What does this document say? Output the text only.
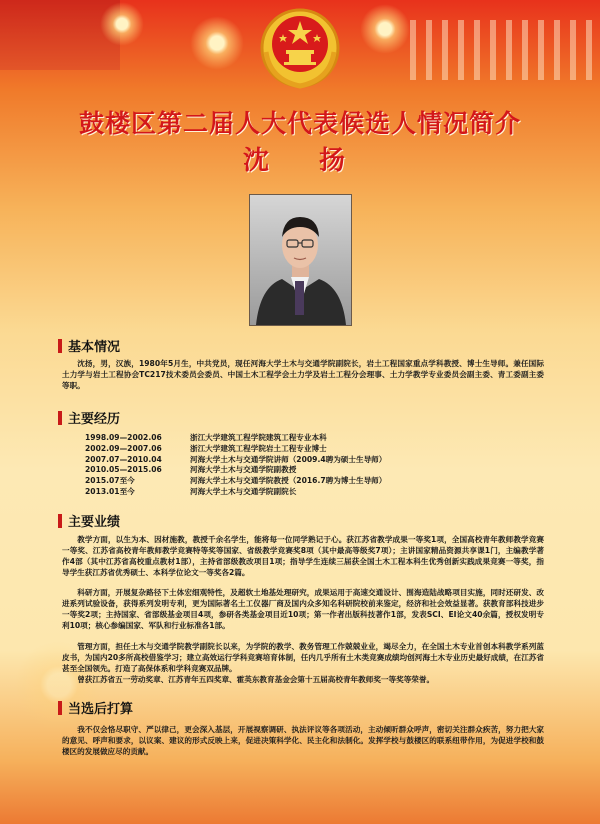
鼓楼区第二届人大代表候选人情况简介
沈　扬
基本情况

沈扬，男，汉族，1980年5月生，中共党员，现任河海大学土木与交通学院副院长，岩土工程国家重点学科教授、博士生导师。兼任国际土力学与岩土工程协会TC217技术委员会委员、中国土木工程学会土力学及岩土工程分会理事、土力学教学专业委员会副主委、青工委副主委等职。

主要经历
1998.09—2002.06	浙江大学建筑工程学院建筑工程专业本科
2002.09—2007.06	浙江大学建筑工程学院岩土工程专业博士
2007.07—2010.04	河海大学土木与交通学院讲师（2009.4聘为硕士生导师）
2010.05—2015.06	河海大学土木与交通学院副教授
2015.07至今	河海大学土木与交通学院教授（2016.7聘为博士生导师）
2013.01至今	河海大学土木与交通学院副院长
主要业绩

教学方面，以生为本、因材施教，教授千余名学生，能将每一位同学熟记于心。获江苏省教学成果一等奖1项，全国高校青年教师教学竞赛一等奖、江苏省高校青年教师教学竞赛特等奖等国家、省级教学竞赛奖8项（其中最高等级奖7项）；主讲国家精品资源共享课1门，主编教学著作4部（其中江苏省高校重点教材1部），主持省部级教改项目1项；指导学生连续三届获全国土木工程本科生优秀创新实践成果竞赛一等奖，指导学生获江苏省优秀硕士、本科学位论文一等奖各2篇。

科研方面，开展复杂路径下土体宏细观特性，及超软土地基处理研究，成果运用于高速交通设计、围海造陆战略项目实施，同时还研发、改进系列试验设备，获得系列发明专利，更为国际著名土工仪器厂商及国内众多知名科研院校前来鉴定，经济和社会效益显著。获教育部科技进步一等奖2项；主持国家、省部级基金项目4项，参研各类基金项目近10项；第一作者出版科技著作1部，发表SCI、EI论文40余篇，授权发明专利10项；核心参编国家、军队和行业标准各1部。

管理方面，担任土木与交通学院教学副院长以来，为学院的教学、教务管理工作兢兢业业，竭尽全力，在全国土木专业首创本科教学系列蓝皮书，为国内20多所高校借鉴学习；建立高效运行学科竞赛培育体制，任内几乎所有土木类竞赛成绩均创河海土木专业历史最好成绩，在江苏省甚至全国领先。打造了高保体系和学科竞赛双品牌。

曾获江苏省五一劳动奖章、江苏青年五四奖章、霍英东教育基金会第十五届高校青年教师奖一等奖等荣誉。

当选后打算

我不仅会恪尽职守、严以律己，更会深入基层，开展视察调研、执法评议等各项活动，主动倾听群众呼声，密切关注群众疾苦，努力把大家的意见、呼声和要求，以议案、建议的形式反映上来，促进决策科学化、民主化和法制化。发挥学校与鼓楼区的联系纽带作用，为促进学校和鼓楼区的发展做应尽的贡献。
